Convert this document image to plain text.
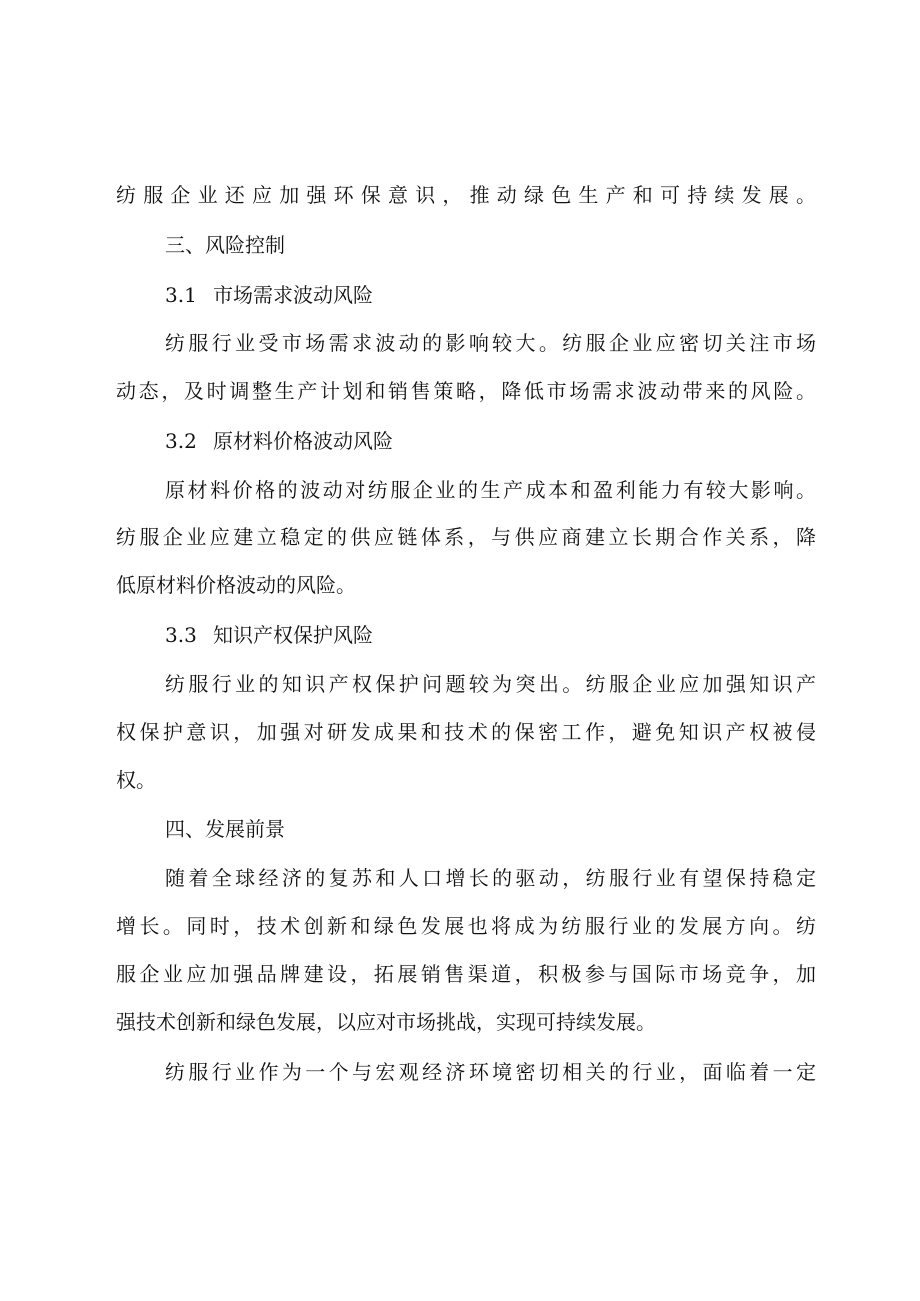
纺服企业还应加强环保意识，推动绿色生产和可持续发展。
三、风险控制
3.1 市场需求波动风险
纺服行业受市场需求波动的影响较大。纺服企业应密切关注市场
动态，及时调整生产计划和销售策略，降低市场需求波动带来的风险。
3.2 原材料价格波动风险
原材料价格的波动对纺服企业的生产成本和盈利能力有较大影响。
纺服企业应建立稳定的供应链体系，与供应商建立长期合作关系，降
低原材料价格波动的风险。
3.3 知识产权保护风险
纺服行业的知识产权保护问题较为突出。纺服企业应加强知识产
权保护意识，加强对研发成果和技术的保密工作，避免知识产权被侵
权。
四、发展前景
随着全球经济的复苏和人口增长的驱动，纺服行业有望保持稳定
增长。同时，技术创新和绿色发展也将成为纺服行业的发展方向。纺
服企业应加强品牌建设，拓展销售渠道，积极参与国际市场竞争，加
强技术创新和绿色发展，以应对市场挑战，实现可持续发展。
纺服行业作为一个与宏观经济环境密切相关的行业，面临着一定
